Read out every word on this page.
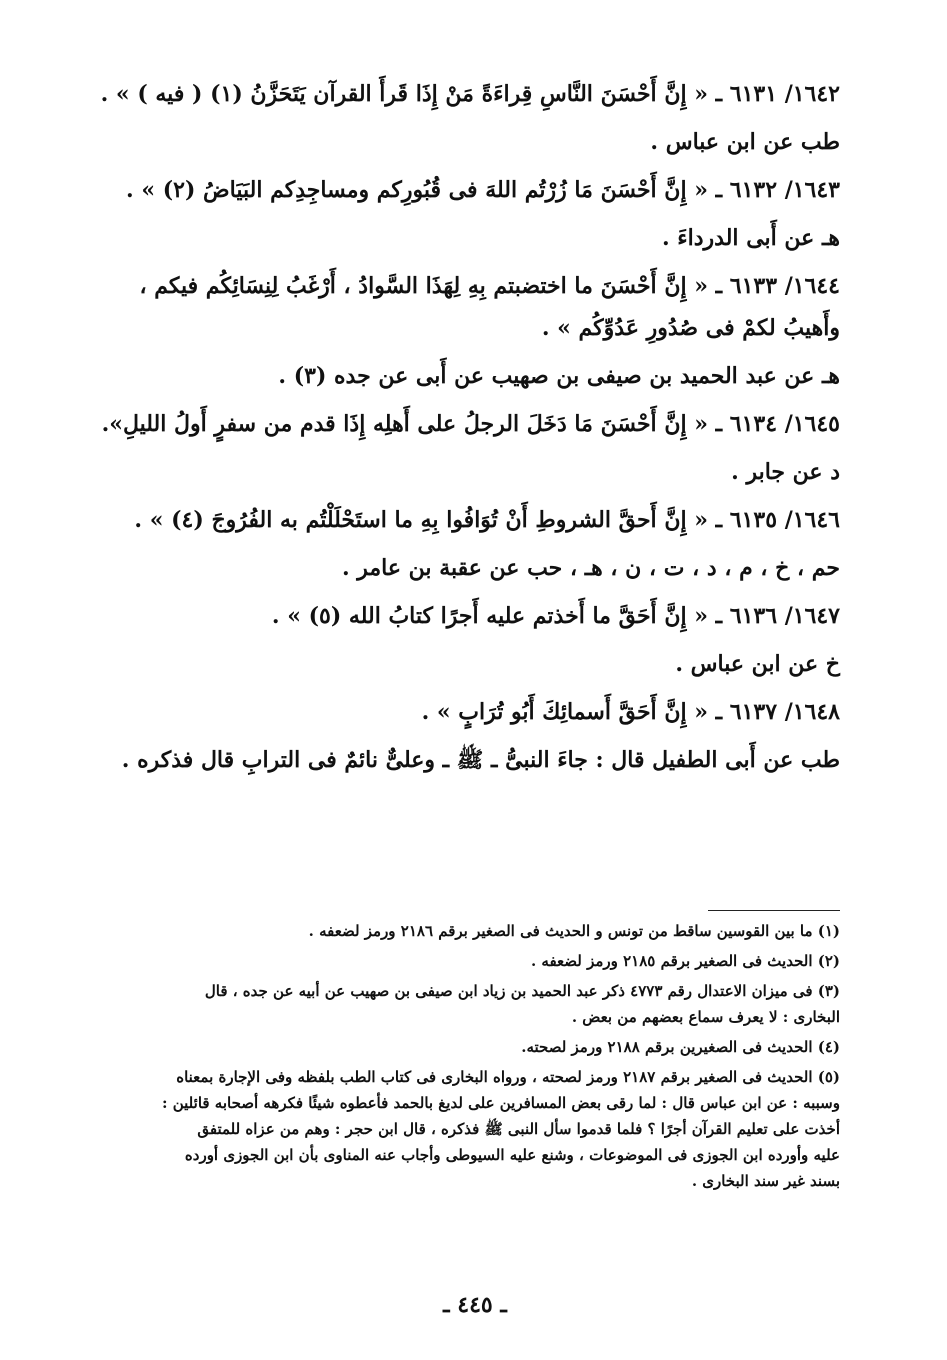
١٦٤٢/ ٦١٣١ ـ « إِنَّ أَحْسَنَ النَّاسِ قِراءَةً مَنْ إِذَا قَرأَ القرآن يَتَحَزَّنُ (١) ( فيه ) » .
طب عن ابن عباس .
١٦٤٣/ ٦١٣٢ ـ « إِنَّ أَحْسَنَ مَا زُرْتُم اللهَ فى قُبُورِكم ومساجِدِكم البَيَاضُ (٢) » .
هـ عن أَبى الدرداءَ .
١٦٤٤/ ٦١٣٣ ـ « إِنَّ أَحْسَنَ ما اختضبتم بِهِ لِهَذَا السَّوادُ ، أَرْغَبُ لِنِسَائِكُم فيكم ،
وأَهيبُ لكمْ فى صُدُورِ عَدُوِّكُم » .
هـ عن عبد الحميد بن صيفى بن صهيب عن أَبى عن جده (٣) .
١٦٤٥/ ٦١٣٤ ـ « إِنَّ أَحْسَنَ مَا دَخَلَ الرجلُ على أَهلِه إِذَا قدم من سفرٍ أَولُ الليلِ».
د عن جابر .
١٦٤٦/ ٦١٣٥ ـ « إِنَّ أَحقَّ الشروطِ أَنْ تُوَافُوا بِهِ ما استَحْلَلْتُم به الفُرُوجَ (٤) » .
حم ، خ ، م ، د ، ت ، ن ، هـ ، حب عن عقبة بن عامر .
١٦٤٧/ ٦١٣٦ ـ « إِنَّ أَحَقَّ ما أَخذتم عليه أَجرًا كتابُ الله (٥) » .
خ عن ابن عباس .
١٦٤٨/ ٦١٣٧ ـ « إِنَّ أَحَقَّ أَسمائِكَ أَبُو تُرَابٍ » .
طب عن أَبى الطفيل قال : جاءَ النبىُّ ـ ﷺ ـ وعلىٌّ نائمٌ فى الترابِ قال فذكره .
(١) ما بين القوسين ساقط من تونس و الحديث فى الصغير برقم ٢١٨٦ ورمز لضعفه .
(٢) الحديث فى الصغير برقم ٢١٨٥ ورمز لضعفه .
(٣) فى ميزان الاعتدال رقم ٤٧٧٣ ذكر عبد الحميد بن زياد ابن صيفى بن صهيب عن أبيه عن جده ، قال
البخارى : لا يعرف سماع بعضهم من بعض .
(٤) الحديث فى الصغيرين برقم ٢١٨٨ ورمز لصحته.
(٥) الحديث فى الصغير برقم ٢١٨٧ ورمز لصحته ، ورواه البخارى فى كتاب الطب بلفظه وفى الإجارة بمعناه
وسببه : عن ابن عباس قال : لما رقى بعض المسافرين على لديغ بالحمد فأعطوه شيئًا فكرهه أصحابه قائلين :
أخذت على تعليم القرآن أجرًا ؟ فلما قدموا سأل النبى ﷺ فذكره ، قال ابن حجر : وهم من عزاه للمتفق
عليه وأورده ابن الجوزى فى الموضوعات ، وشنع عليه السيوطى وأجاب عنه المناوى بأن ابن الجوزى أورده
بسند غير سند البخارى .
ـ ٤٤٥ ـ
